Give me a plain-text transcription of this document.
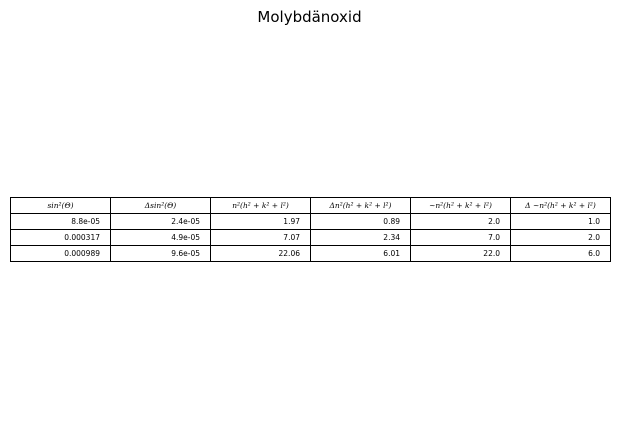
Molybdänoxid
sin²(Θ)	Δsin²(Θ)	n²(h² + k² + l²)	Δn²(h² + k² + l²)	~n²(h² + k² + l²)	Δ ~n²(h² + k² + l²)
8.8e-05	2.4e-05	1.97	0.89	2.0	1.0
0.000317	4.9e-05	7.07	2.34	7.0	2.0
0.000989	9.6e-05	22.06	6.01	22.0	6.0
